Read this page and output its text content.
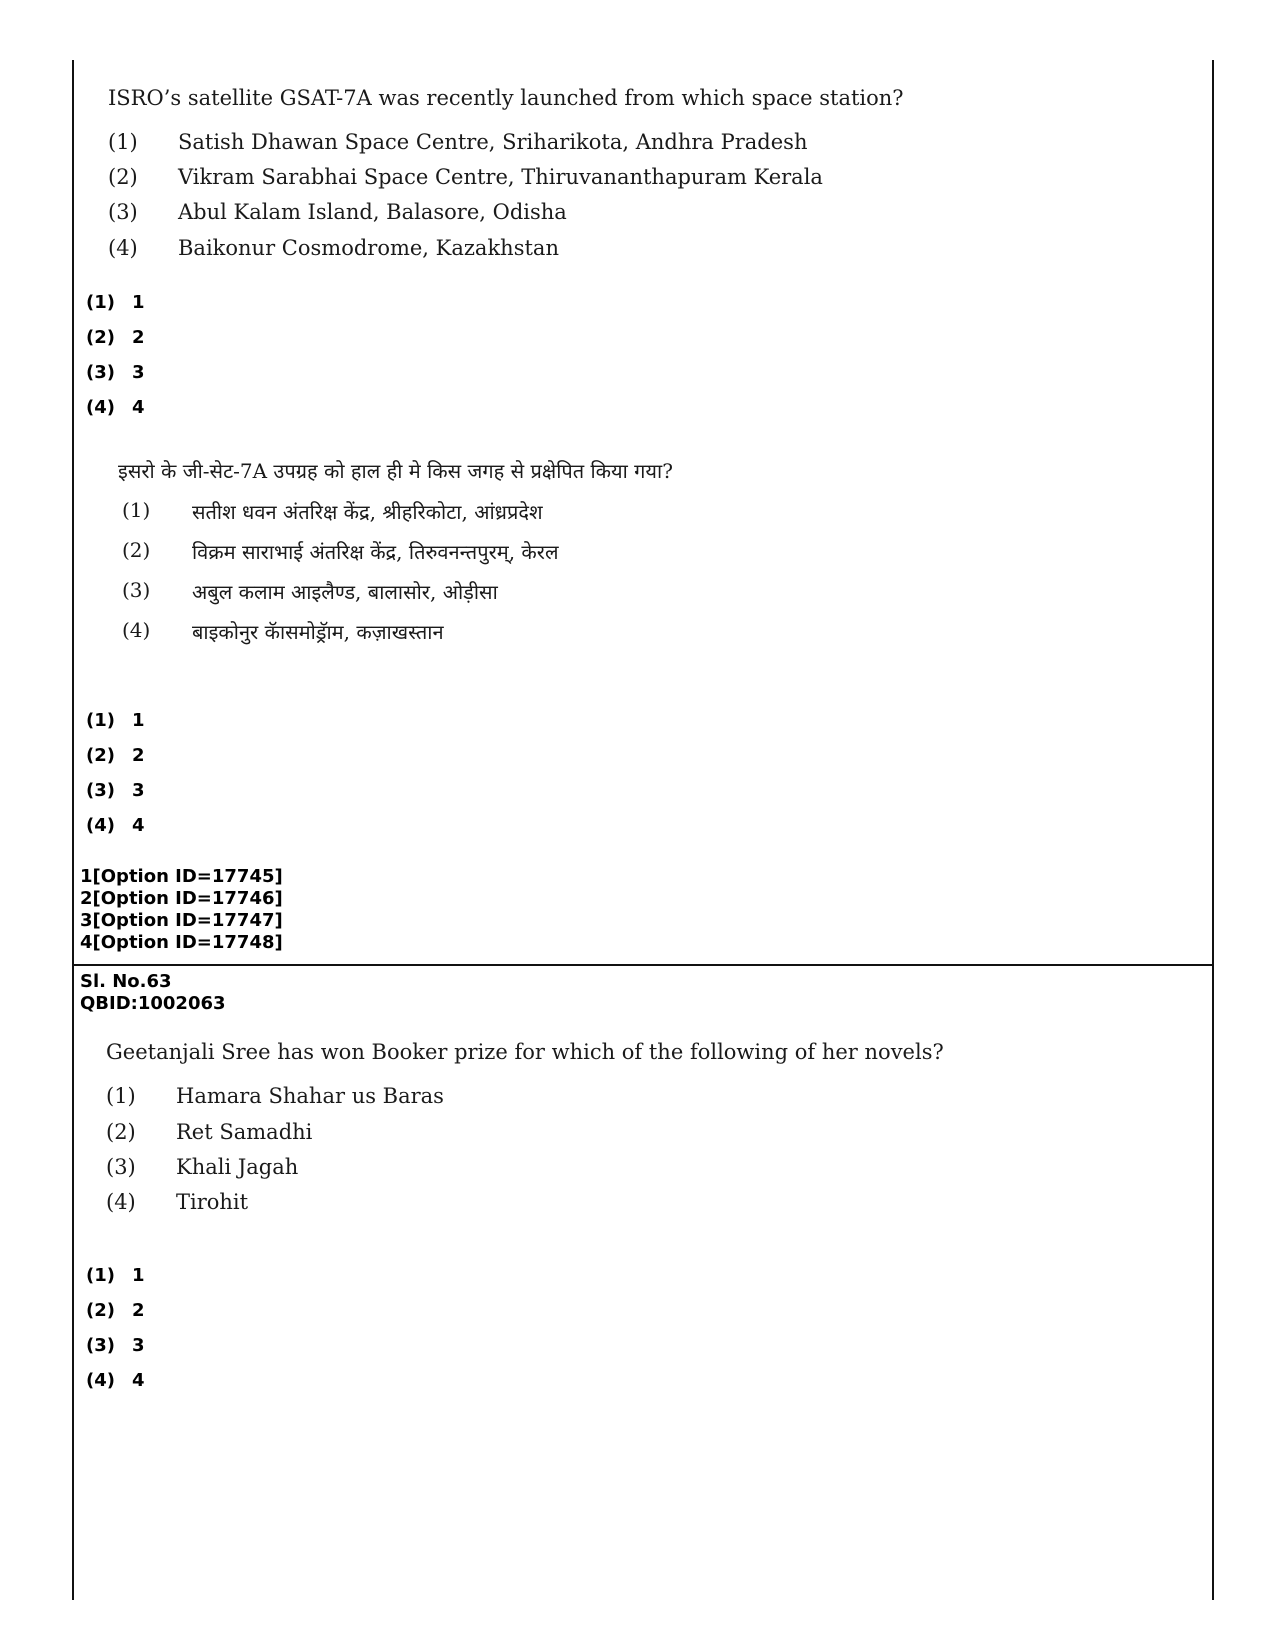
ISRO’s satellite GSAT-7A was recently launched from which space station?
(1) Satish Dhawan Space Centre, Sriharikota, Andhra Pradesh
(2) Vikram Sarabhai Space Centre, Thiruvananthapuram Kerala
(3) Abul Kalam Island, Balasore, Odisha
(4) Baikonur Cosmodrome, Kazakhstan
(1) 1
(2) 2
(3) 3
(4) 4
इसरो के जी-सेट-7A उपग्रह को हाल ही मे किस जगह से प्रक्षेपित किया गया?
(1) सतीश धवन अंतरिक्ष केंद्र, श्रीहरिकोटा, आंध्रप्रदेश
(2) विक्रम साराभाई अंतरिक्ष केंद्र, तिरुवनन्तपुरम्, केरल
(3) अबुल कलाम आइलैण्ड, बालासोर, ओड़ीसा
(4) बाइकोनुर कॅासमोड्रॅाम, कज़ाखस्तान
(1) 1
(2) 2
(3) 3
(4) 4
1[Option ID=17745]
2[Option ID=17746]
3[Option ID=17747]
4[Option ID=17748]
Sl. No.63
QBID:1002063
Geetanjali Sree has won Booker prize for which of the following of her novels?
(1) Hamara Shahar us Baras
(2) Ret Samadhi
(3) Khali Jagah
(4) Tirohit
(1) 1
(2) 2
(3) 3
(4) 4
